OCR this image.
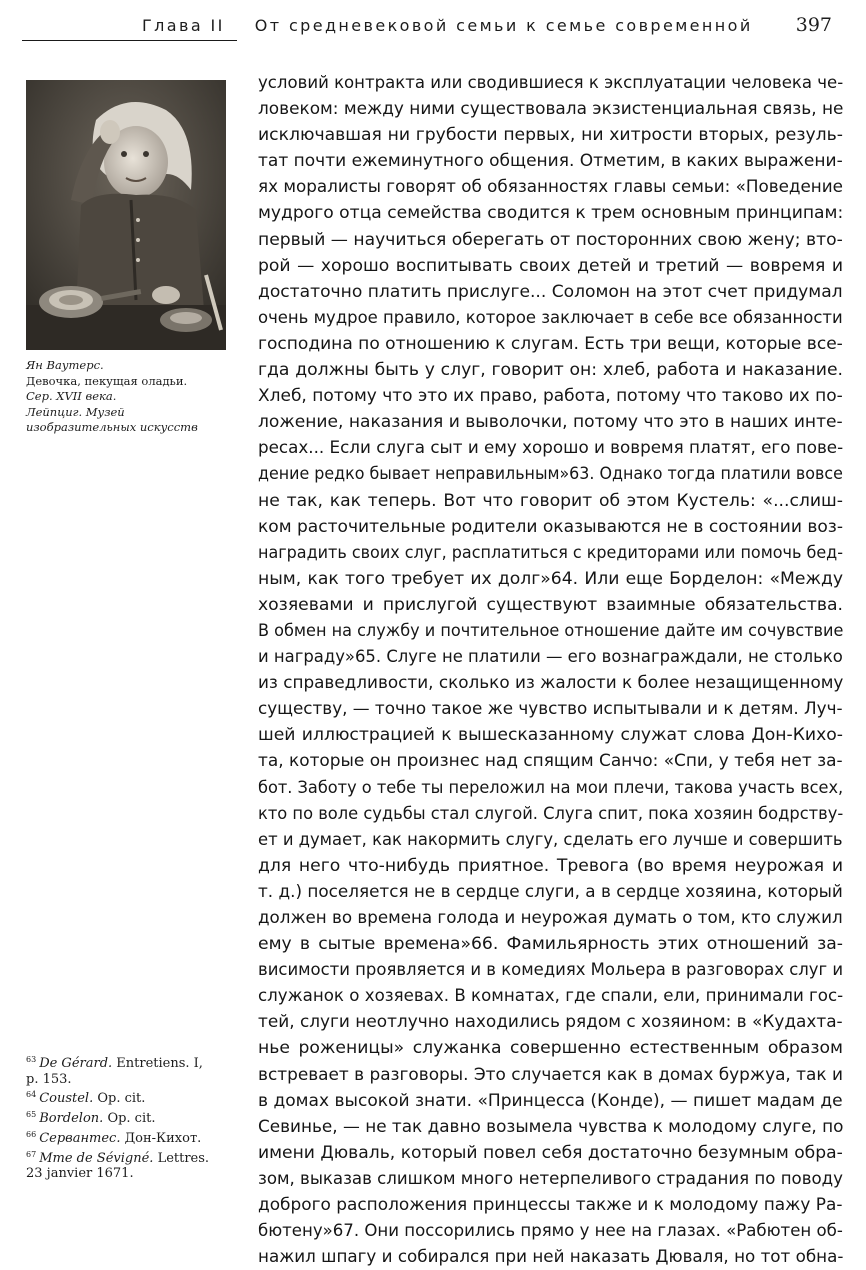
Глава II От средневековой семьи к семье современной 397
Ян Ваутерс.
Девочка, пекущая оладьи.
Сер. XVII века.
Лейпциг. Музей
изобразительных искусств
условий контракта или сводившиеся к эксплуатации человека че-
ловеком: между ними существовала экзистенциальная связь, не
исключавшая ни грубости первых, ни хитрости вторых, резуль-
тат почти ежеминутного общения. Отметим, в каких выражени-
ях моралисты говорят об обязанностях главы семьи: «Поведение
мудрого отца семейства сводится к трем основным принципам:
первый — научиться оберегать от посторонних свою жену; вто-
рой — хорошо воспитывать своих детей и третий — вовремя и
достаточно платить прислуге... Соломон на этот счет придумал
очень мудрое правило, которое заключает в себе все обязанности
господина по отношению к слугам. Есть три вещи, которые все-
гда должны быть у слуг, говорит он: хлеб, работа и наказание.
Хлеб, потому что это их право, работа, потому что таково их по-
ложение, наказания и выволочки, потому что это в наших инте-
ресах... Если слуга сыт и ему хорошо и вовремя платят, его пове-
дение редко бывает неправильным»63. Однако тогда платили вовсе
не так, как теперь. Вот что говорит об этом Кустель: «...слиш-
ком расточительные родители оказываются не в состоянии воз-
наградить своих слуг, расплатиться с кредиторами или помочь бед-
ным, как того требует их долг»64. Или еще Борделон: «Между
хозяевами и прислугой существуют взаимные обязательства.
В обмен на службу и почтительное отношение дайте им сочувствие
и награду»65. Слуге не платили — его вознаграждали, не столько
из справедливости, сколько из жалости к более незащищенному
существу, — точно такое же чувство испытывали и к детям. Луч-
шей иллюстрацией к вышесказанному служат слова Дон-Кихо-
та, которые он произнес над спящим Санчо: «Спи, у тебя нет за-
бот. Заботу о тебе ты переложил на мои плечи, такова участь всех,
кто по воле судьбы стал слугой. Слуга спит, пока хозяин бодрству-
ет и думает, как накормить слугу, сделать его лучше и совершить
для него что-нибудь приятное. Тревога (во время неурожая и
т. д.) поселяется не в сердце слуги, а в сердце хозяина, который
должен во времена голода и неурожая думать о том, кто служил
ему в сытые времена»66. Фамильярность этих отношений за-
висимости проявляется и в комедиях Мольера в разговорах слуг и
служанок о хозяевах. В комнатах, где спали, ели, принимали гос-
тей, слуги неотлучно находились рядом с хозяином: в «Кудахта-
нье роженицы» служанка совершенно естественным образом
встревает в разговоры. Это случается как в домах буржуа, так и
в домах высокой знати. «Принцесса (Конде), — пишет мадам де
Севинье, — не так давно возымела чувства к молодому слуге, по
имени Дюваль, который повел себя достаточно безумным обра-
зом, выказав слишком много нетерпеливого страдания по поводу
доброго расположения принцессы также и к молодому пажу Ра-
бютену»67. Они поссорились прямо у нее на глазах. «Рабютен об-
нажил шпагу и собирался при ней наказать Дюваля, но тот обна-
$^{63}$ De Gérard. Entretiens. I,
p. 153.
$^{64}$ Coustel. Op. cit.
$^{65}$ Bordelon. Op. cit.
$^{66}$ Сервантес. Дон-Кихот.
$^{67}$ Mme de Sévigné. Lettres.
23 janvier 1671.
